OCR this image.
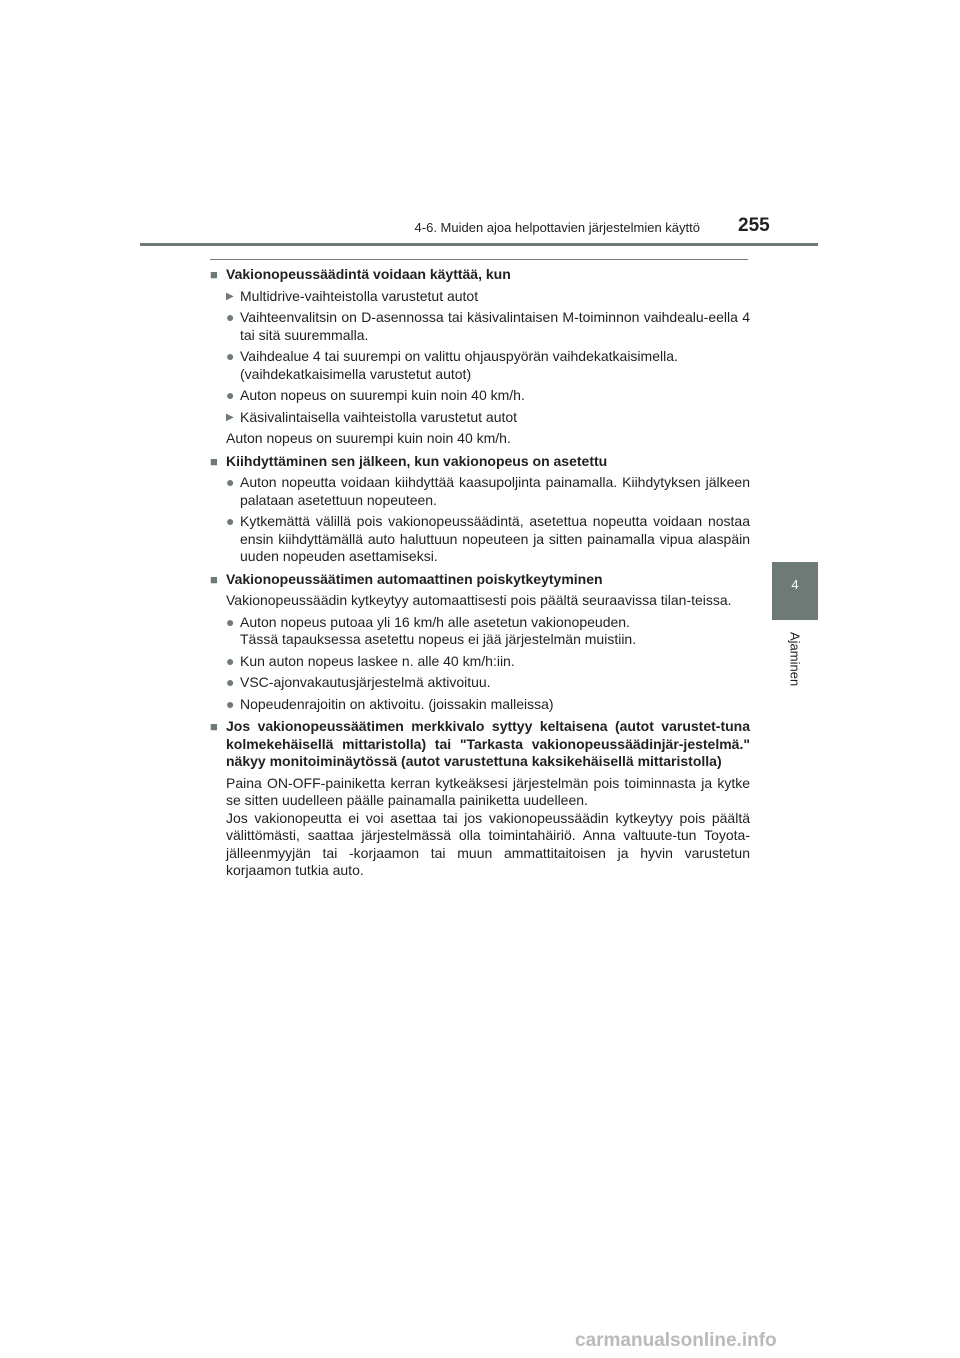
4-6. Muiden ajoa helpottavien järjestelmien käyttö 255
4
Ajaminen
■ Vakionopeussäädintä voidaan käyttää, kun
▶ Multidrive-vaihteistolla varustetut autot
● Vaihteenvalitsin on D-asennossa tai käsivalintaisen M-toiminnon vaihdealu-eella 4 tai sitä suuremmalla.
● Vaihdealue 4 tai suurempi on valittu ohjauspyörän vaihdekatkaisimella.
(vaihdekatkaisimella varustetut autot)
● Auton nopeus on suurempi kuin noin 40 km/h.
▶ Käsivalintaisella vaihteistolla varustetut autot
Auton nopeus on suurempi kuin noin 40 km/h.
■ Kiihdyttäminen sen jälkeen, kun vakionopeus on asetettu
● Auton nopeutta voidaan kiihdyttää kaasupoljinta painamalla. Kiihdytyksen jälkeen palataan asetettuun nopeuteen.
● Kytkemättä välillä pois vakionopeussäädintä, asetettua nopeutta voidaan nostaa ensin kiihdyttämällä auto haluttuun nopeuteen ja sitten painamalla vipua alaspäin uuden nopeuden asettamiseksi.
■ Vakionopeussäätimen automaattinen poiskytkeytyminen
Vakionopeussäädin kytkeytyy automaattisesti pois päältä seuraavissa tilan-teissa.
● Auton nopeus putoaa yli 16 km/h alle asetetun vakionopeuden.
Tässä tapauksessa asetettu nopeus ei jää järjestelmän muistiin.
● Kun auton nopeus laskee n. alle 40 km/h:iin.
● VSC-ajonvakautusjärjestelmä aktivoituu.
● Nopeudenrajoitin on aktivoitu. (joissakin malleissa)
■ Jos vakionopeussäätimen merkkivalo syttyy keltaisena (autot varustet-tuna kolmekehäisellä mittaristolla) tai "Tarkasta vakionopeussäädinjär-jestelmä." näkyy monitoiminäytössä (autot varustettuna kaksikehäisellä mittaristolla)
Paina ON-OFF-painiketta kerran kytkeäksesi järjestelmän pois toiminnasta ja kytke se sitten uudelleen päälle painamalla painiketta uudelleen.
Jos vakionopeutta ei voi asettaa tai jos vakionopeussäädin kytkeytyy pois päältä välittömästi, saattaa järjestelmässä olla toimintahäiriö. Anna valtuute-tun Toyota-jälleenmyyjän tai -korjaamon tai muun ammattitaitoisen ja hyvin varustetun korjaamon tutkia auto.
carmanualsonline.info
